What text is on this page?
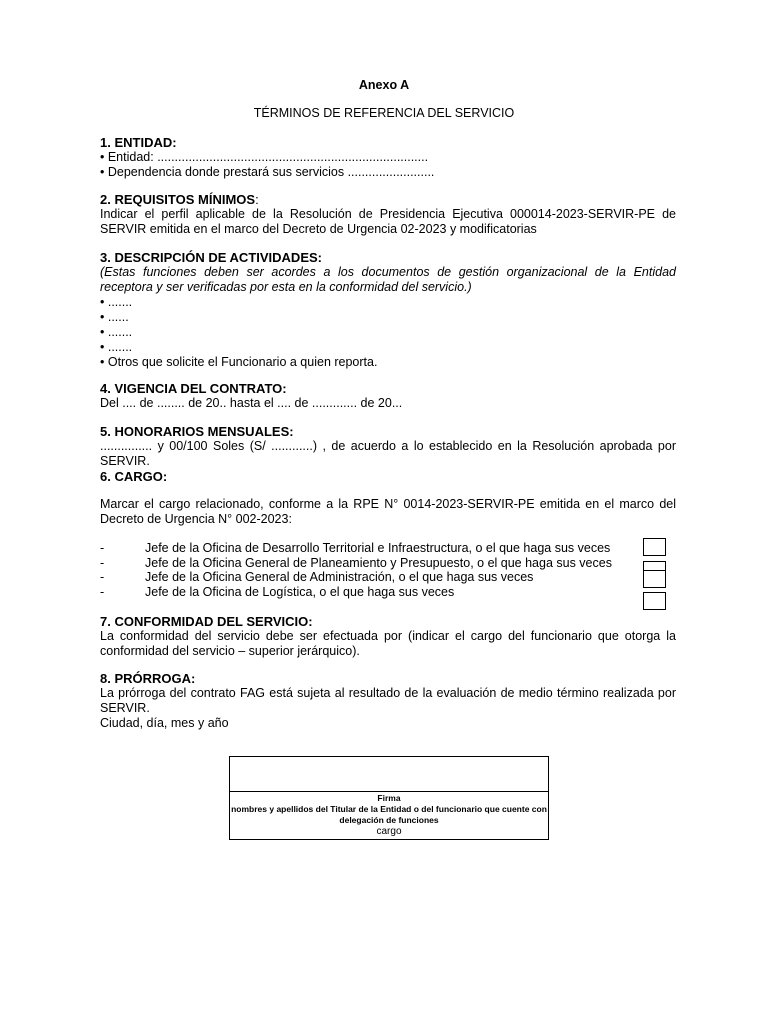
Anexo A
TÉRMINOS DE REFERENCIA DEL SERVICIO
1. ENTIDAD:
• Entidad: ..............................................................................
• Dependencia donde prestará sus servicios .........................
2. REQUISITOS MÍNIMOS:
Indicar el perfil aplicable de la Resolución de Presidencia Ejecutiva 000014-2023-SERVIR-PE de SERVIR emitida en el marco del Decreto de Urgencia 02-2023 y modificatorias
3. DESCRIPCIÓN DE ACTIVIDADES:
(Estas funciones deben ser acordes a los documentos de gestión organizacional de la Entidad receptora y ser verificadas por esta en la conformidad del servicio.)
• .......
• ......
• .......
• .......
• Otros que solicite el Funcionario a quien reporta.
4. VIGENCIA DEL CONTRATO:
Del .... de ........ de 20.. hasta el .... de ............. de 20...
5. HONORARIOS MENSUALES:
............... y 00/100 Soles (S/ ............) , de acuerdo a lo establecido en la Resolución aprobada por SERVIR.
6. CARGO:
Marcar el cargo relacionado, conforme a la RPE N° 0014-2023-SERVIR-PE emitida en el marco del Decreto de Urgencia N° 002-2023:
-	Jefe de la Oficina de Desarrollo Territorial e Infraestructura, o el que haga sus veces
-	Jefe de la Oficina General de Planeamiento y Presupuesto, o el que haga sus veces
-	Jefe de la Oficina General de Administración, o el que haga sus veces
-	Jefe de la Oficina de Logística, o el que haga sus veces
7. CONFORMIDAD DEL SERVICIO:
La conformidad del servicio debe ser efectuada por (indicar el cargo del funcionario que otorga la conformidad del servicio – superior jerárquico).
8. PRÓRROGA:
La prórroga del contrato FAG está sujeta al resultado de la evaluación de medio término realizada por SERVIR.
Ciudad, día, mes y año
Firma
nombres y apellidos del Titular de la Entidad o del funcionario que cuente con delegación de funciones
cargo
